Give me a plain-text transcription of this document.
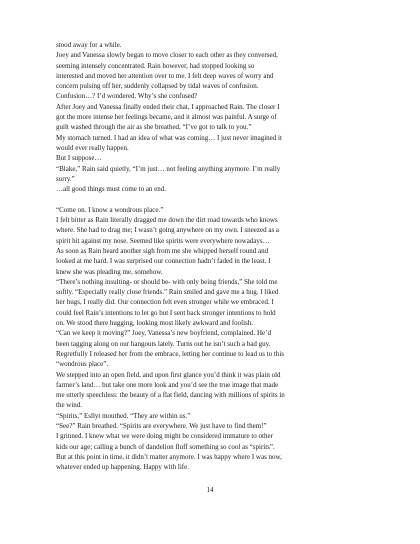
stood away for a while.
Joey and Vanessa slowly began to move closer to each other as they conversed,
seeming intensely concentrated. Rain however, had stopped looking so
interested and moved her attention over to me. I felt deep waves of worry and
concern pulsing off her, suddenly collapsed by tidal waves of confusion.
Confusion…? I’d wondered. Why’s she confused?
After Joey and Vanessa finally ended their chat, I approached Rain. The closer I
got the more intense her feelings became, and it almost was painful. A surge of
guilt washed through the air as she breathed, “I’ve got to talk to you.”
My stomach turned. I had an idea of what was coming… I just never imagined it
would ever really happen.
But I suppose…
“Blake,” Rain said quietly, “I’m just… not feeling anything anymore. I’m really
sorry.”
…all good things must come to an end.
“Come on. I know a wondrous place.”
I felt bitter as Rain literally dragged me down the dirt road towards who knows
where. She had to drag me; I wasn’t going anywhere on my own. I sneezed as a
spirit hit against my nose. Seemed like spirits were everywhere nowadays…
As soon as Rain heard another sigh from me she whipped herself round and
looked at me hard. I was surprised our connection hadn’t faded in the least. I
knew she was pleading me, somehow.
“There’s nothing insulting- or should be- with only being friends,” She told me
softly. “Especially really close friends.” Rain smiled and gave me a hug. I liked
her hugs, I really did. Our connection felt even stronger while we embraced. I
could feel Rain’s intentions to let go but I sent back stronger intentions to hold
on. We stood there hugging, looking most likely awkward and foolish.
“Can we keep it moving?” Joey, Vanessa’s new boyfriend, complained. He’d
been tagging along on our hangouts lately. Turns out he isn’t such a bad guy.
Regretfully I released her from the embrace, letting her continue to lead us to this
“wondrous place”.
We stepped into an open field, and upon first glance you’d think it was plain old
farmer’s land… but take one more look and you’d see the true image that made
me utterly speechless: the beauty of a flat field, dancing with millions of spirits in
the wind.
“Spirits,” Esllyt mouthed. “They are within us.”
“See?” Rain breathed. “Spirits are everywhere. We just have to find them!”
I grinned. I knew what we were doing might be considered immature to other
kids our age; calling a bunch of dandelion fluff something so cool as “spirits”.
But at this point in time, it didn’t matter anymore. I was happy where I was now,
whatever ended up happening. Happy with life.
14
